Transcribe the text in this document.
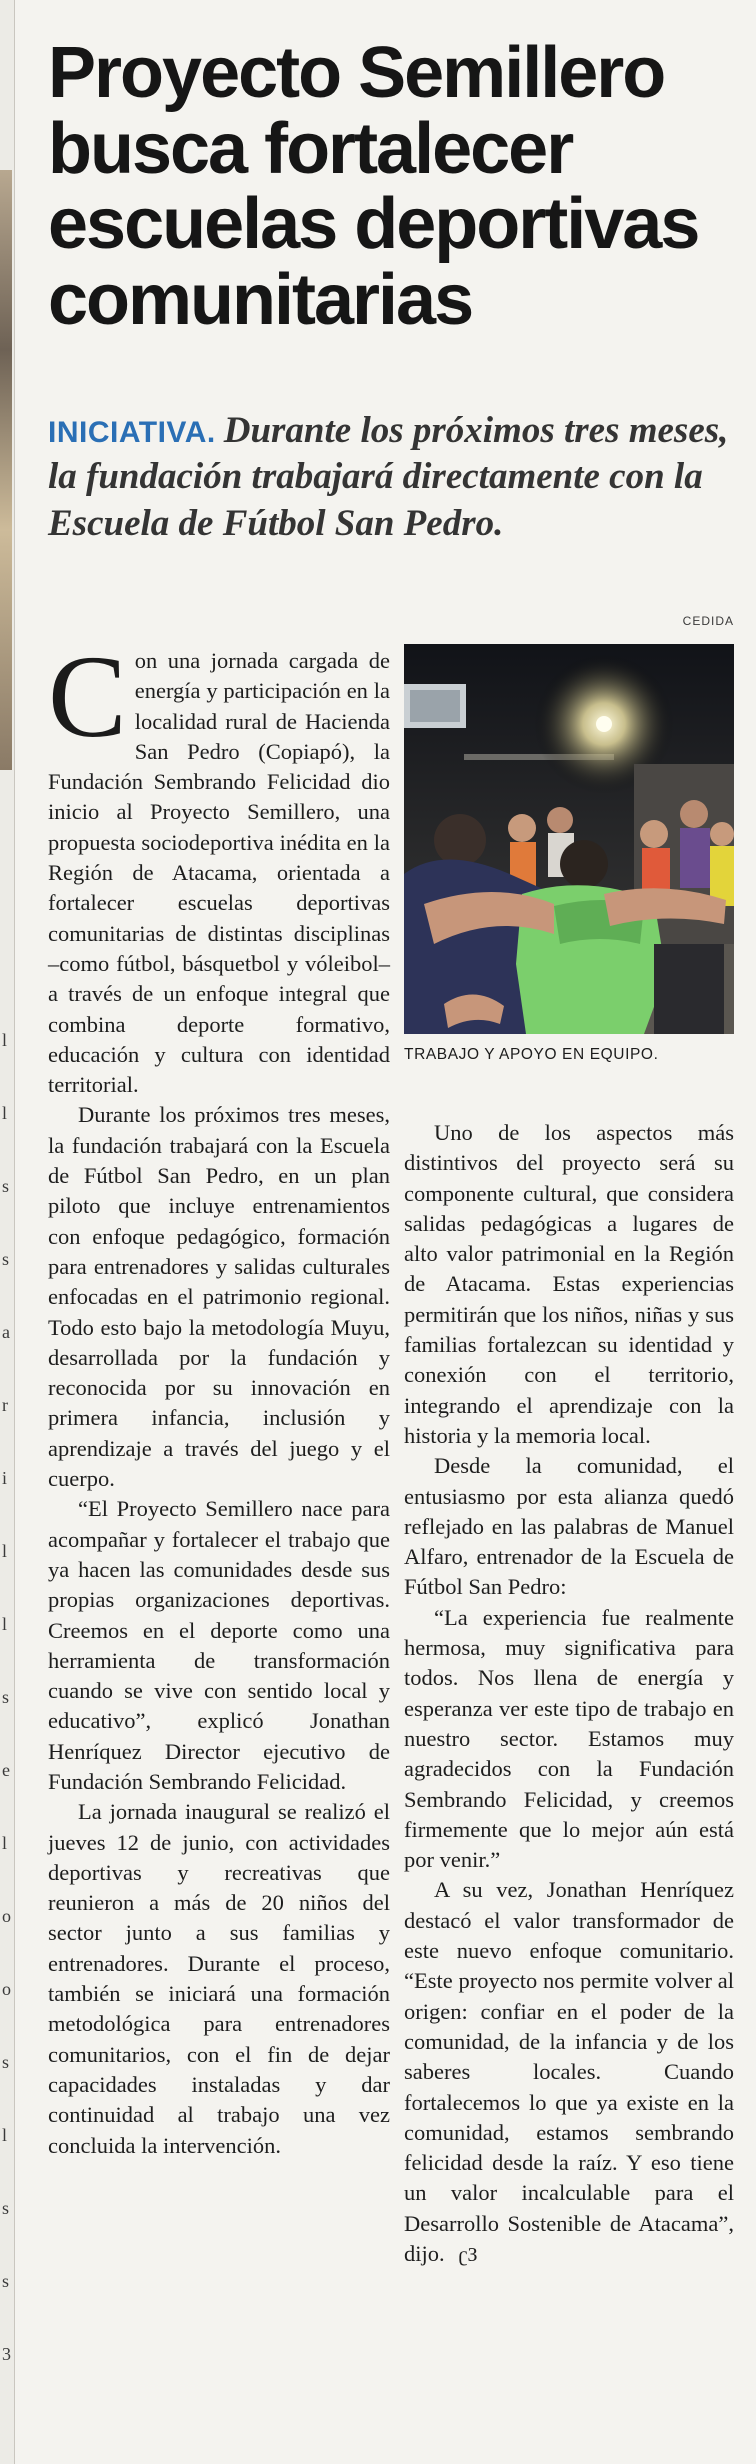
l
l
s
s
a
r
i
l
l
s
e
l
o
o
s
l
s
s
3
Proyecto Semillero busca fortalecer escuelas deportivas comunitarias
INICIATIVA. Durante los próximos tres meses, la fundación trabajará directamente con la Escuela de Fútbol San Pedro.

Con una jornada cargada de energía y participación en la localidad rural de Hacienda San Pedro (Copiapó), la Fundación Sembrando Felicidad dio inicio al Proyecto Semillero, una propuesta sociodeportiva inédita en la Región de Atacama, orientada a fortalecer escuelas deportivas comunitarias de distintas disciplinas –como fútbol, básquetbol y vóleibol– a través de un enfoque integral que combina deporte formativo, educación y cultura con identidad territorial.

Durante los próximos tres meses, la fundación trabajará con la Escuela de Fútbol San Pedro, en un plan piloto que incluye entrenamientos con enfoque pedagógico, formación para entrenadores y salidas culturales enfocadas en el patrimonio regional. Todo esto bajo la metodología Muyu, desarrollada por la fundación y reconocida por su innovación en primera infancia, inclusión y aprendizaje a través del juego y el cuerpo.

“El Proyecto Semillero nace para acompañar y fortalecer el trabajo que ya hacen las comunidades desde sus propias organizaciones deportivas. Creemos en el deporte como una herramienta de transformación cuando se vive con sentido local y educativo”, explicó Jonathan Henríquez Director ejecutivo de Fundación Sembrando Felicidad.

La jornada inaugural se realizó el jueves 12 de junio, con actividades deportivas y recreativas que reunieron a más de 20 niños del sector junto a sus familias y entrenadores. Durante el proceso, también se iniciará una formación metodológica para entrenadores comunitarios, con el fin de dejar capacidades instaladas y dar continuidad al trabajo una vez concluida la intervención.

CEDIDA
TRABAJO Y APOYO EN EQUIPO.

Uno de los aspectos más distintivos del proyecto será su componente cultural, que considera salidas pedagógicas a lugares de alto valor patrimonial en la Región de Atacama. Estas experiencias permitirán que los niños, niñas y sus familias fortalezcan su identidad y conexión con el territorio, integrando el aprendizaje con la historia y la memoria local.

Desde la comunidad, el entusiasmo por esta alianza quedó reflejado en las palabras de Manuel Alfaro, entrenador de la Escuela de Fútbol San Pedro:

“La experiencia fue realmente hermosa, muy significativa para todos. Nos llena de energía y esperanza ver este tipo de trabajo en nuestro sector. Estamos muy agradecidos con la Fundación Sembrando Felicidad, y creemos firmemente que lo mejor aún está por venir.”

A su vez, Jonathan Henríquez destacó el valor transformador de este nuevo enfoque comunitario. “Este proyecto nos permite volver al origen: confiar en el poder de la comunidad, de la infancia y de los saberes locales. Cuando fortalecemos lo que ya existe en la comunidad, estamos sembrando felicidad desde la raíz. Y eso tiene un valor incalculable para el Desarrollo Sostenible de Atacama”, dijo. ʗЗ
